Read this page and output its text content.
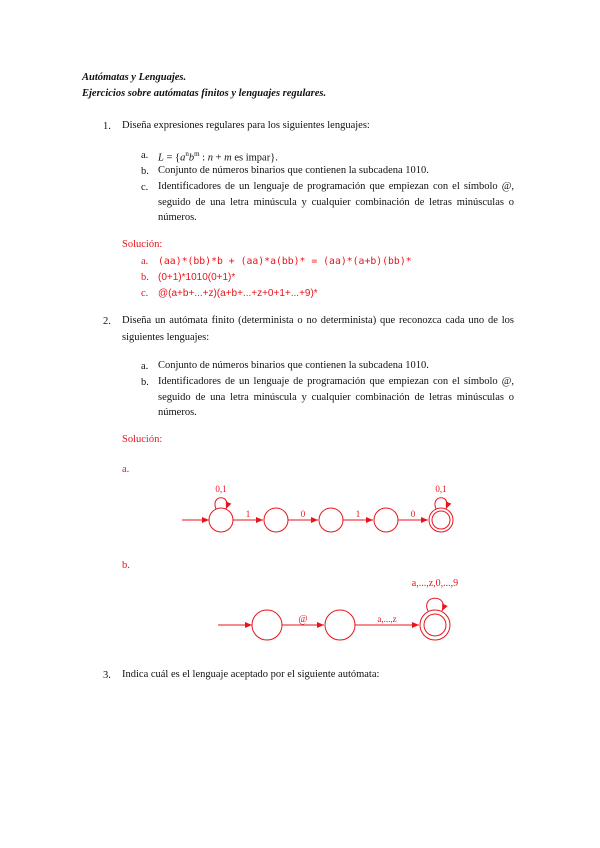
Autómatas y Lenguajes.
Ejercicios sobre autómatas finitos y lenguajes regulares.
1. Diseña expresiones regulares para los siguientes lenguajes:
a. $L = \{a^nb^m$ : n + m es impar}.
b. Conjunto de números binarios que contienen la subcadena 1010.
c. Identificadores de un lenguaje de programación que empiezan con el símbolo @, seguido de una letra minúscula y cualquier combinación de letras minúsculas o números.
Solución:
a. (aa)*(bb)*b + (aa)*a(bb)* = (aa)*(a+b)(bb)*
b. (0+1)*1010(0+1)*
c. @(a+b+...+z)(a+b+...+z+0+1+...+9)*
2. Diseña un autómata finito (determinista o no determinista) que reconozca cada uno de los siguientes lenguajes:
a. Conjunto de números binarios que contienen la subcadena 1010.
b. Identificadores de un lenguaje de programación que empiezan con el símbolo @, seguido de una letra minúscula y cualquier combinación de letras minúsculas o números.
Solución:
a.
0,1	0,1
1	0	1	0
b.
@	a,...,z
a,...,z,0,...,9
3. Indica cuál es el lenguaje aceptado por el siguiente autómata:
